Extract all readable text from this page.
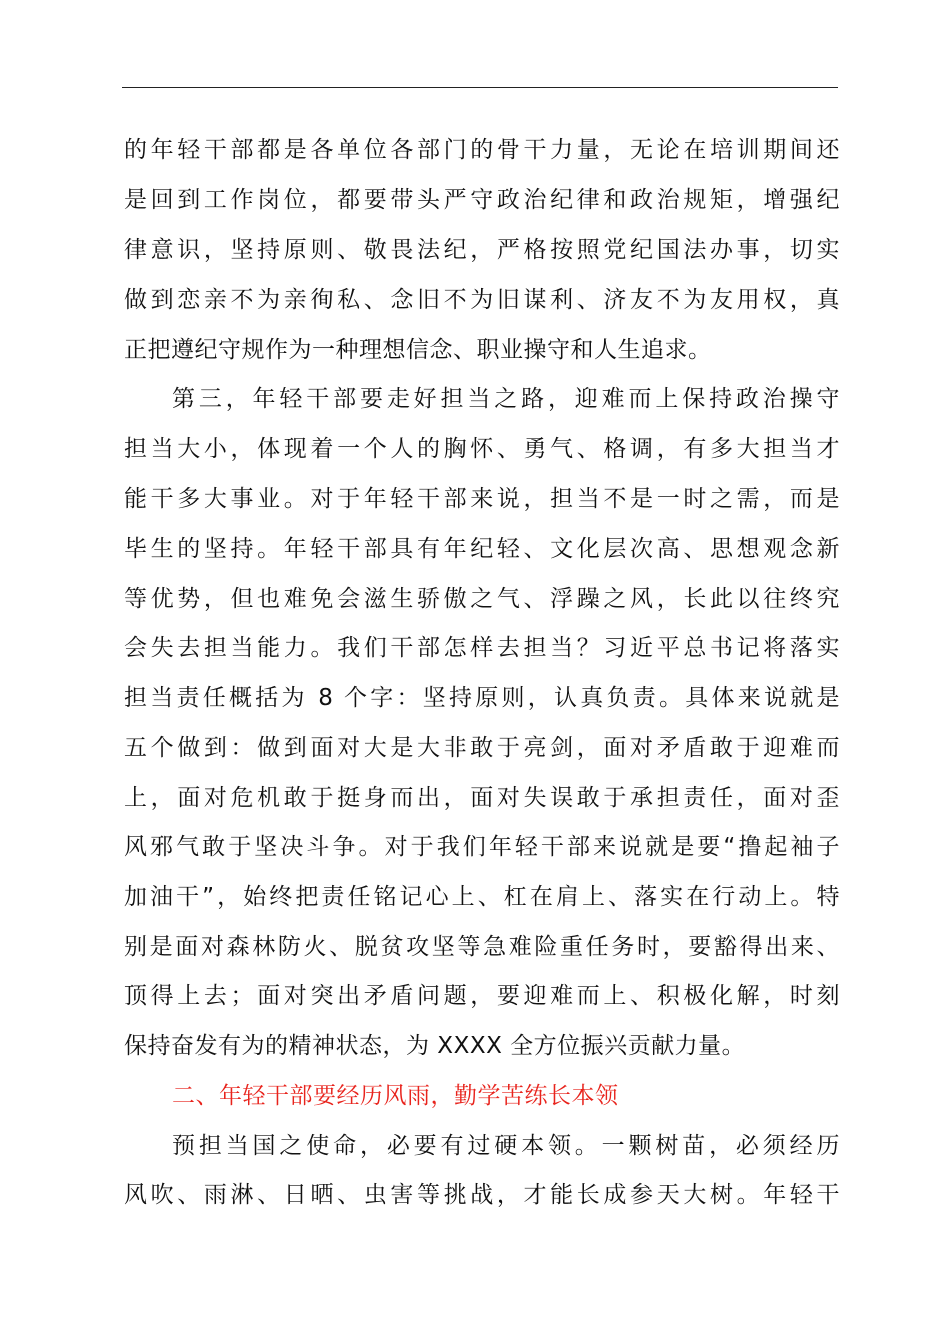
的年轻干部都是各单位各部门的骨干力量，无论在培训期间还
是回到工作岗位，都要带头严守政治纪律和政治规矩，增强纪
律意识，坚持原则、敬畏法纪，严格按照党纪国法办事，切实
做到恋亲不为亲徇私、念旧不为旧谋利、济友不为友用权，真
正把遵纪守规作为一种理想信念、职业操守和人生追求。
第三，年轻干部要走好担当之路，迎难而上保持政治操守
担当大小，体现着一个人的胸怀、勇气、格调，有多大担当才
能干多大事业。对于年轻干部来说，担当不是一时之需，而是
毕生的坚持。年轻干部具有年纪轻、文化层次高、思想观念新
等优势，但也难免会滋生骄傲之气、浮躁之风，长此以往终究
会失去担当能力。我们干部怎样去担当？习近平总书记将落实
担当责任概括为 8 个字：坚持原则，认真负责。具体来说就是
五个做到：做到面对大是大非敢于亮剑，面对矛盾敢于迎难而
上，面对危机敢于挺身而出，面对失误敢于承担责任，面对歪
风邪气敢于坚决斗争。对于我们年轻干部来说就是要“撸起袖子
加油干”，始终把责任铭记心上、杠在肩上、落实在行动上。特
别是面对森林防火、脱贫攻坚等急难险重任务时，要豁得出来、
顶得上去；面对突出矛盾问题，要迎难而上、积极化解，时刻
保持奋发有为的精神状态，为 XXXX 全方位振兴贡献力量。
二、年轻干部要经历风雨，勤学苦练长本领
预担当国之使命，必要有过硬本领。一颗树苗，必须经历
风吹、雨淋、日晒、虫害等挑战，才能长成参天大树。年轻干
